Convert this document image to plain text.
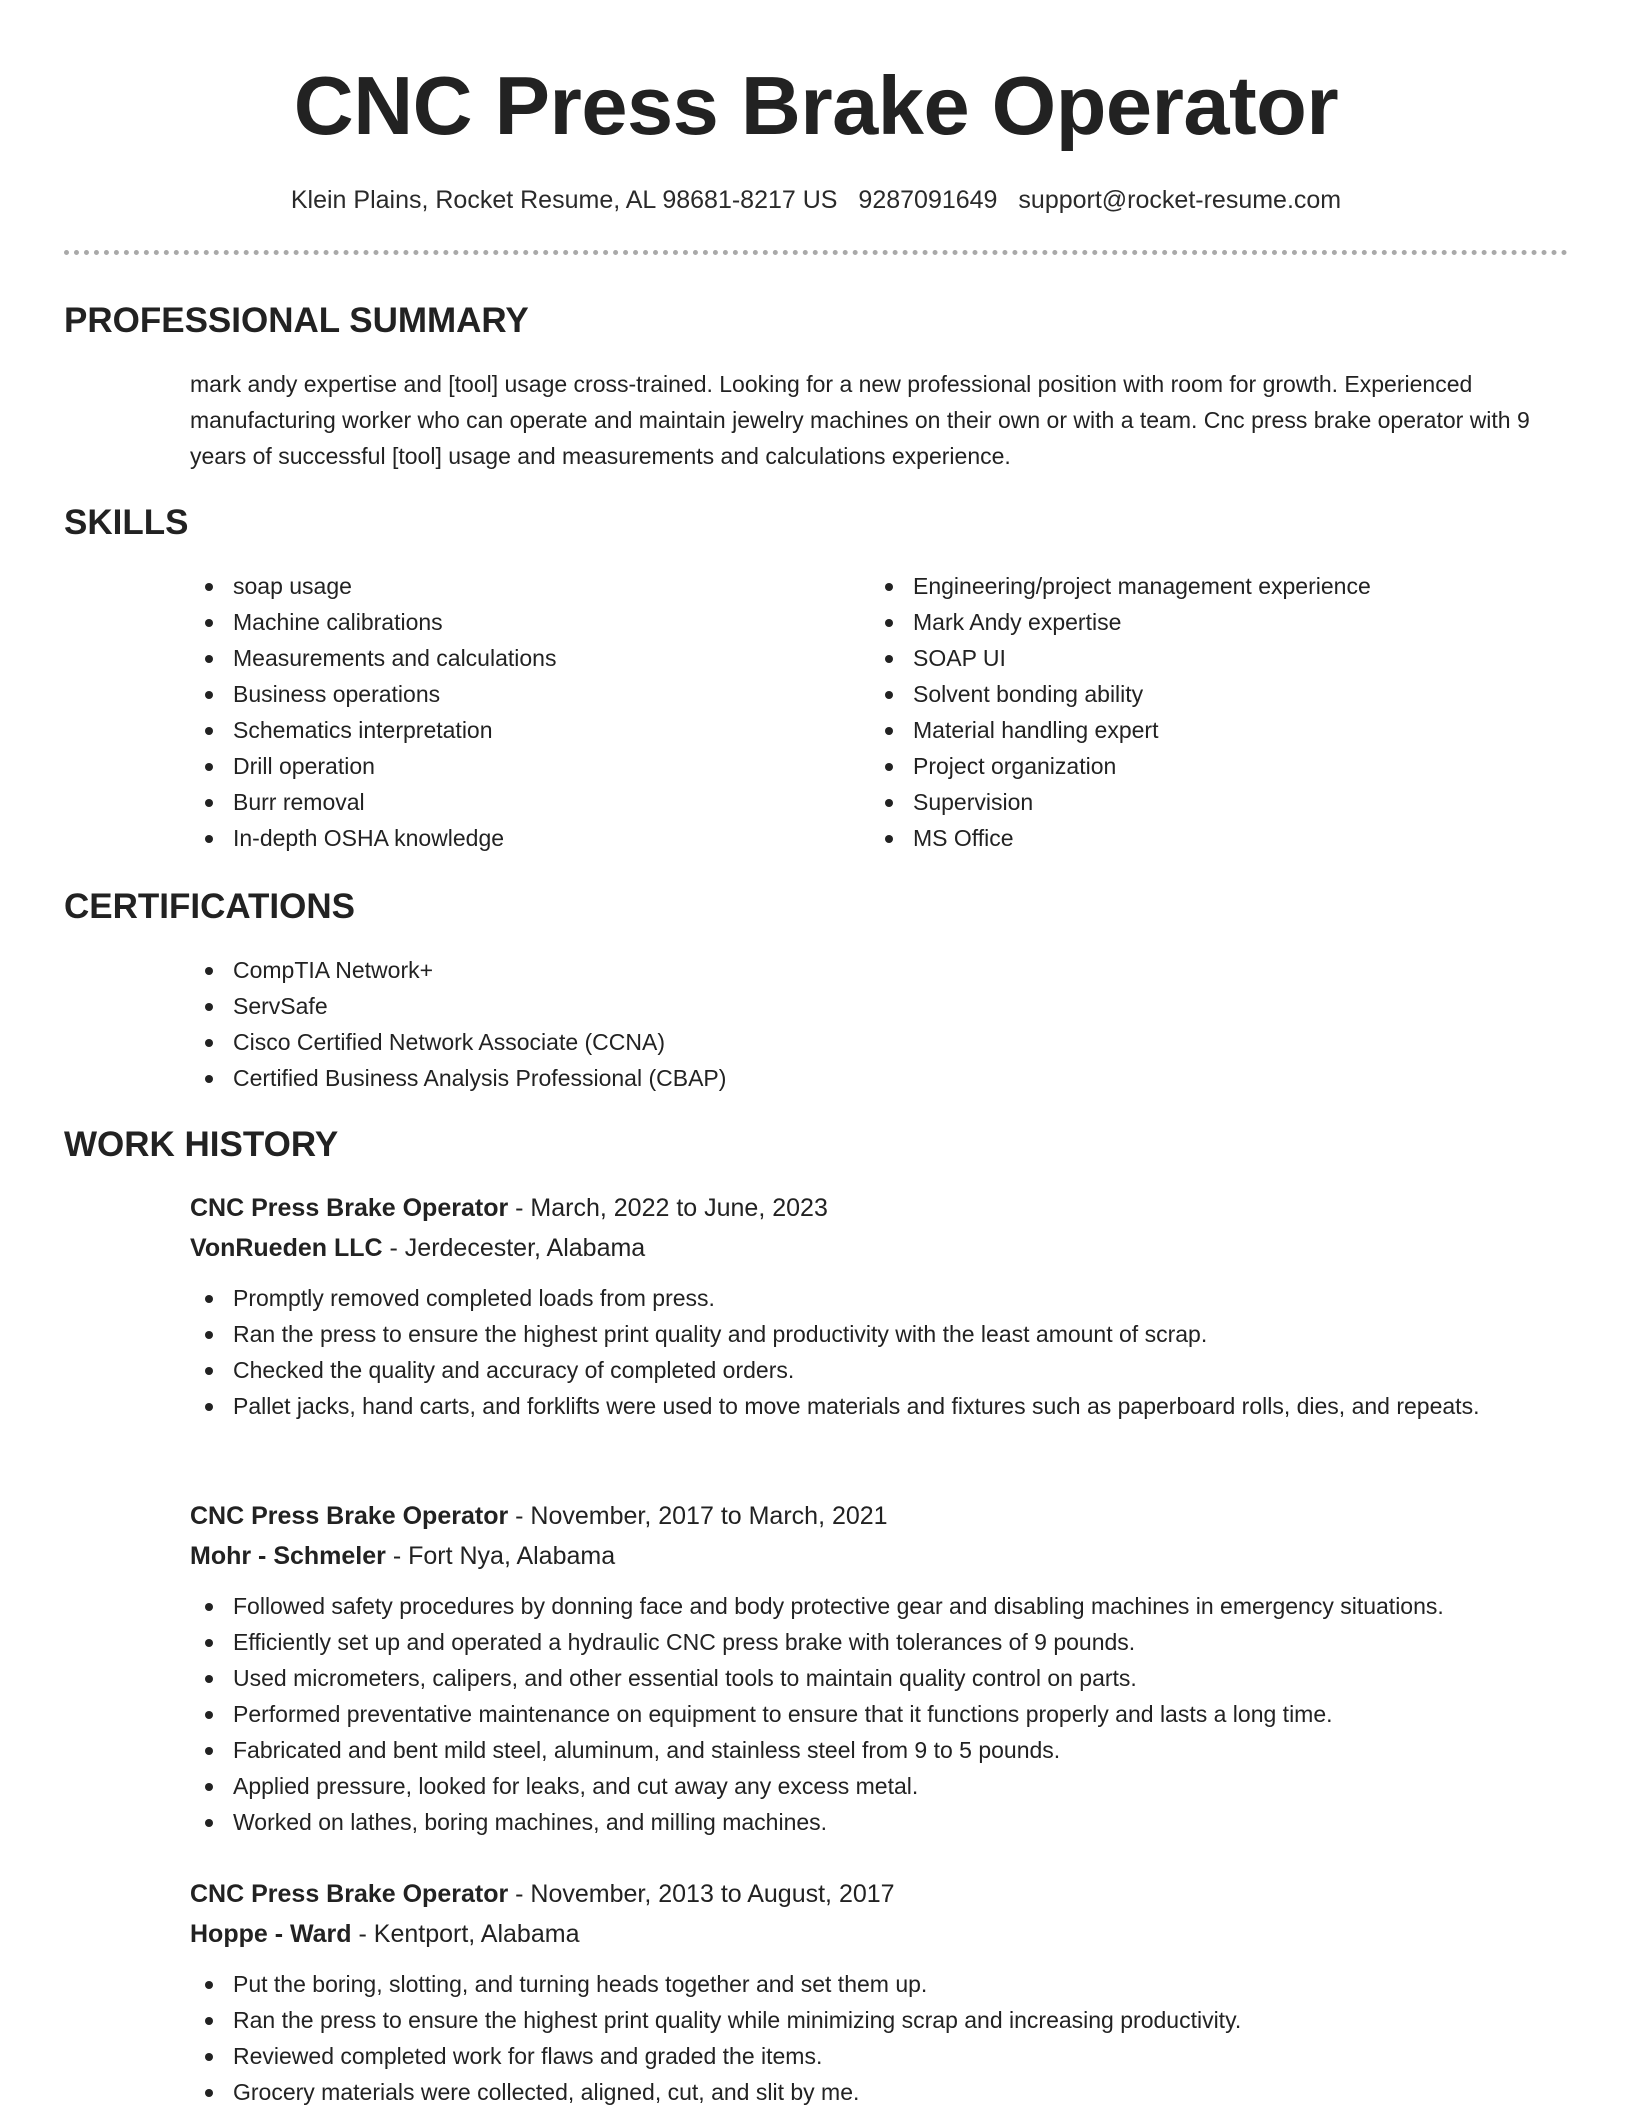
CNC Press Brake Operator
Klein Plains, Rocket Resume, AL 98681-8217 US 9287091649 support@rocket-resume.com
PROFESSIONAL SUMMARY

mark andy expertise and [tool] usage cross-trained. Looking for a new professional position with room for growth. Experienced manufacturing worker who can operate and maintain jewelry machines on their own or with a team. Cnc press brake operator with 9 years of successful [tool] usage and measurements and calculations experience.

SKILLS
soap usage
Machine calibrations
Measurements and calculations
Business operations
Schematics interpretation
Drill operation
Burr removal
In-depth OSHA knowledge
Engineering/project management experience
Mark Andy expertise
SOAP UI
Solvent bonding ability
Material handling expert
Project organization
Supervision
MS Office
CERTIFICATIONS
CompTIA Network+
ServSafe
Cisco Certified Network Associate (CCNA)
Certified Business Analysis Professional (CBAP)
WORK HISTORY
CNC Press Brake Operator - March, 2022 to June, 2023
VonRueden LLC - Jerdecester, Alabama
Promptly removed completed loads from press.
Ran the press to ensure the highest print quality and productivity with the least amount of scrap.
Checked the quality and accuracy of completed orders.
Pallet jacks, hand carts, and forklifts were used to move materials and fixtures such as paperboard rolls, dies, and repeats.
CNC Press Brake Operator - November, 2017 to March, 2021
Mohr - Schmeler - Fort Nya, Alabama
Followed safety procedures by donning face and body protective gear and disabling machines in emergency situations.
Efficiently set up and operated a hydraulic CNC press brake with tolerances of 9 pounds.
Used micrometers, calipers, and other essential tools to maintain quality control on parts.
Performed preventative maintenance on equipment to ensure that it functions properly and lasts a long time.
Fabricated and bent mild steel, aluminum, and stainless steel from 9 to 5 pounds.
Applied pressure, looked for leaks, and cut away any excess metal.
Worked on lathes, boring machines, and milling machines.
CNC Press Brake Operator - November, 2013 to August, 2017
Hoppe - Ward - Kentport, Alabama
Put the boring, slotting, and turning heads together and set them up.
Ran the press to ensure the highest print quality while minimizing scrap and increasing productivity.
Reviewed completed work for flaws and graded the items.
Grocery materials were collected, aligned, cut, and slit by me.
